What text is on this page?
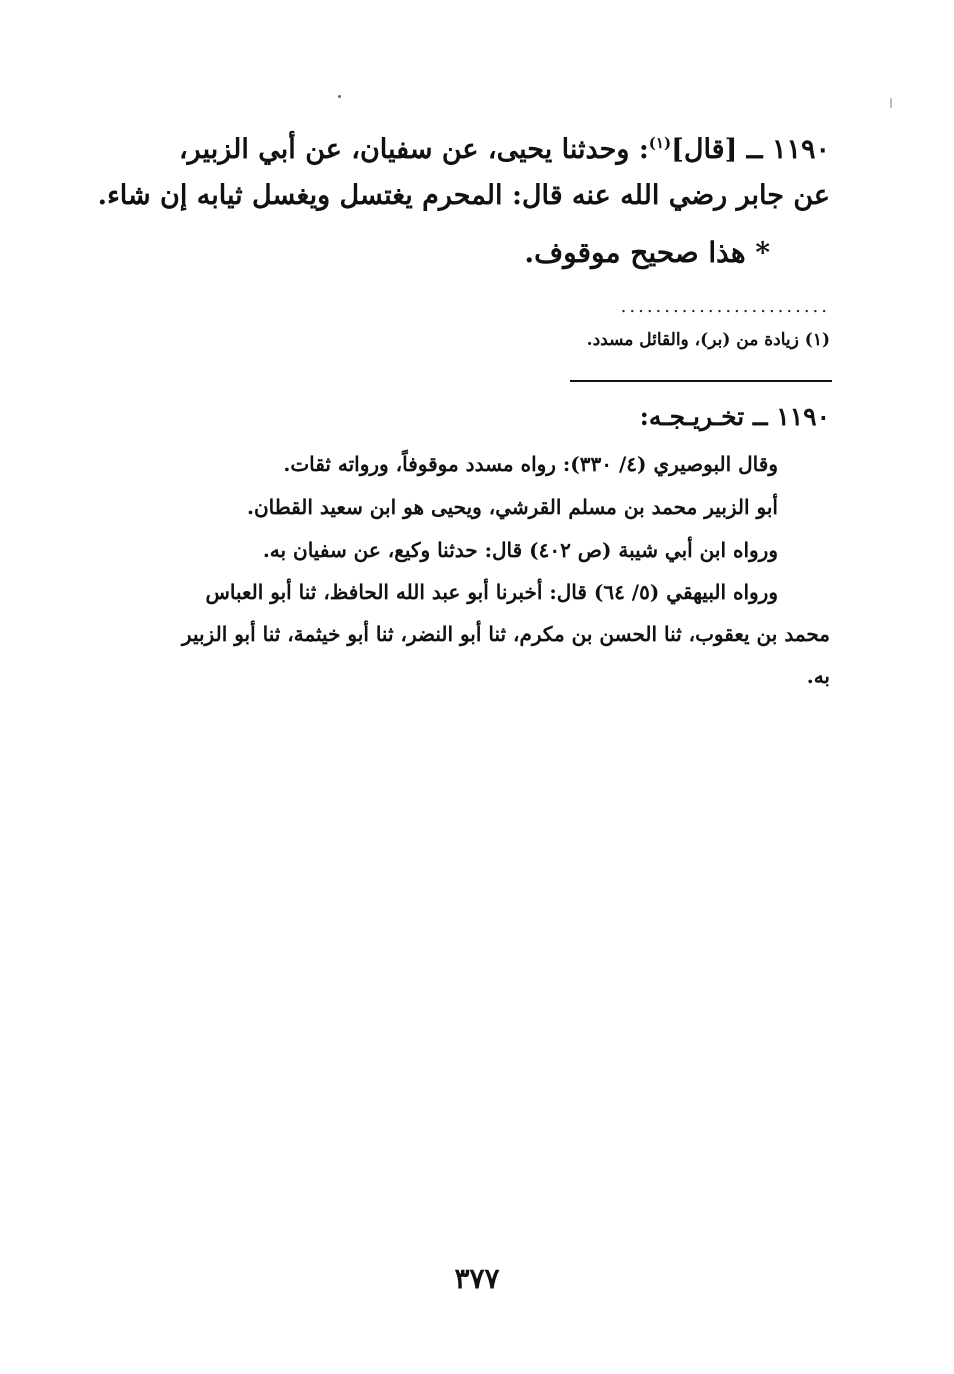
١١٩٠ ــ [قال]$^{(١)}$: وحدثنا يحيى، عن سفيان، عن أبي الزبير،
عن جابر رضي الله عنه قال: المحرم يغتسل ويغسل ثيابه إن شاء.
* هذا صحيح موقوف.
........................
(١) زيادة من (بر)، والقائل مسدد.
١١٩٠ ــ تخـريـجـه:
وقال البوصيري (٤/ ٣٣٠): رواه مسدد موقوفاً، ورواته ثقات.
أبو الزبير محمد بن مسلم القرشي، ويحيى هو ابن سعيد القطان.
ورواه ابن أبي شيبة (ص ٤٠٢) قال: حدثنا وكيع، عن سفيان به.
ورواه البيهقي (٥/ ٦٤) قال: أخبرنا أبو عبد الله الحافظ، ثنا أبو العباس
محمد بن يعقوب، ثنا الحسن بن مكرم، ثنا أبو النضر، ثنا أبو خيثمة، ثنا أبو الزبير
به.
٣٧٧
